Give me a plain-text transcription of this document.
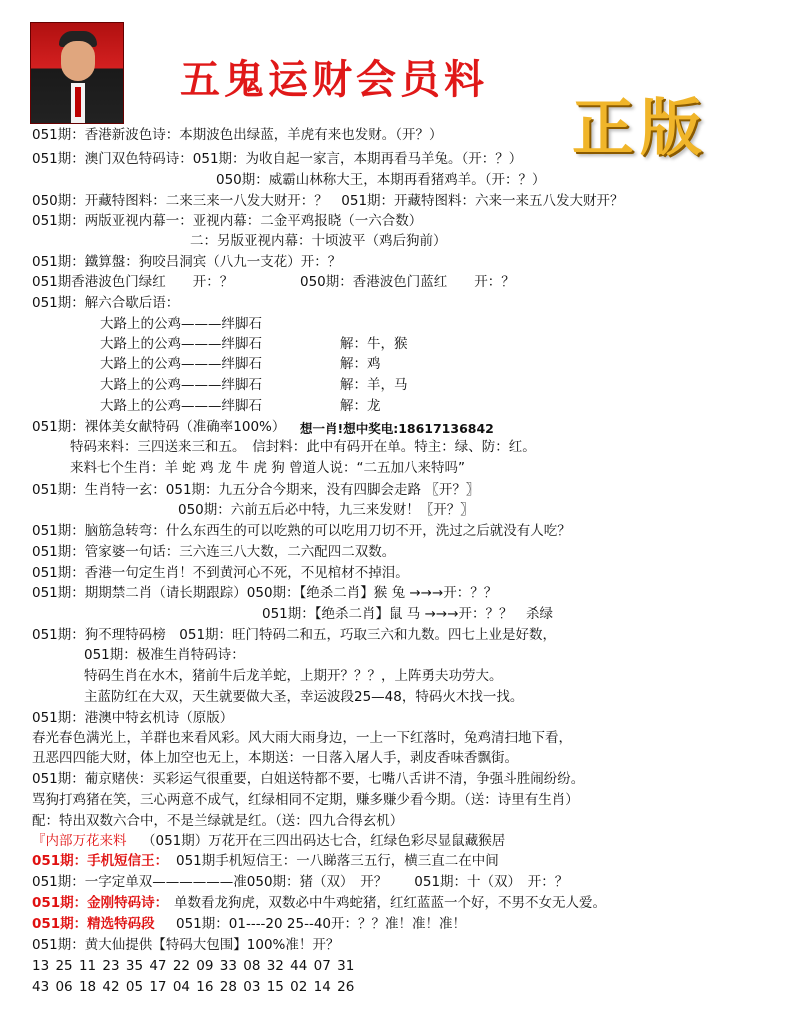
五鬼运财会员料
正版
051期：香港新波色诗：本期波色出绿蓝，羊虎有来也发财。（开？）
051期：澳门双色特码诗：051期：为收自起一家言，本期再看马羊兔。（开：？）
050期：威霸山林称大王，本期再看猪鸡羊。（开：？）
050期：开藏特图料：二来三来一八发大财开：？　051期：开藏特图料：六来一来五八发大财开？
051期：两版亚视内幕一：亚视内幕：二金平鸡报晓（一六合数）
二：另版亚视内幕：十顷波平（鸡后狗前）
051期：鐵算盤：狗咬吕洞宾（八九一支花）开：？
051期香港波色门绿红　　开：？	050期：香港波色门蓝红　　开：？
051期：解六合歇后语：
大路上的公鸡———绊脚石
大路上的公鸡———绊脚石	解：牛，猴
大路上的公鸡———绊脚石	解：鸡
大路上的公鸡———绊脚石	解：羊，马
大路上的公鸡———绊脚石	解：龙
051期：裸体美女献特码（准确率100%） 想一肖!想中奖电:18617136842
特码来料：三四送来三和五。　信封料：此中有码开在单。特主：绿、防：红。
来料七个生肖：羊 蛇 鸡 龙 牛 虎 狗 曾道人说：“二五加八来特吗”
051期：生肖特一玄：051期：九五分合今期来，没有四脚会走路 〖开？〗
050期：六前五后必中特，九三来发财！〖开？〗
051期：脑筋急转弯：什么东西生的可以吃熟的可以吃用刀切不开，洗过之后就没有人吃？
051期：管家婆一句话：三六连三八大数，二六配四二双数。
051期：香港一句定生肖！不到黄河心不死，不见棺材不掉泪。
051期：期期禁二肖（请长期跟踪）050期：【绝杀二肖】猴 兔 →→→开：？？
051期：【绝杀二肖】鼠 马 →→→开：？？　杀绿
051期：狗不理特码榜　051期：旺门特码二和五，巧取三六和九数。四七上业是好数，
051期：极准生肖特码诗：
特码生肖在水木，猪前牛后龙羊蛇，上期开？？？，上阵勇夫功劳大。
主蓝防红在大双，天生就要做大圣，幸运波段25—48，特码火木找一找。
051期：港澳中特玄机诗（原版）
春光春色满光上，羊群也来看风彩。风大雨大雨身边，一上一下红落时，兔鸡清扫地下看，
丑恶四四能大财，体上加空也无上，本期送：一日落入屠人手，剥皮香味香飘街。
051期：葡京赌侠：买彩运气很重要，白姐送特都不要，七嘴八舌讲不清，争强斗胜闹纷纷。
骂狗打鸡猪在笑，三心两意不成气，红绿相同不定期，赚多赚少看今期。（送：诗里有生肖）
配：特出双数六合中，不是兰绿就是红。（送：四九合得玄机）
『内部万花来料 （051期）万花开在三四出码达七合，红绿色彩尽显鼠藏猴居
051期：手机短信王： 051期手机短信王：一八睇落三五行，横三直二在中间
051期：一字定单双——————准050期：猪（双）　开？　　051期：十（双）　开：？
051期：金刚特码诗： 单数看龙狗虎，双数必中牛鸡蛇猪，红红蓝蓝一个好，不男不女无人爱。
051期：精选特码段 051期：01----20 25--40开：？？准！准！准！
051期：黄大仙提供【特码大包围】100%准！开？
13 25 11 23 35 47 22 09 33 08 32 44 07 31
43 06 18 42 05 17 04 16 28 03 15 02 14 26
